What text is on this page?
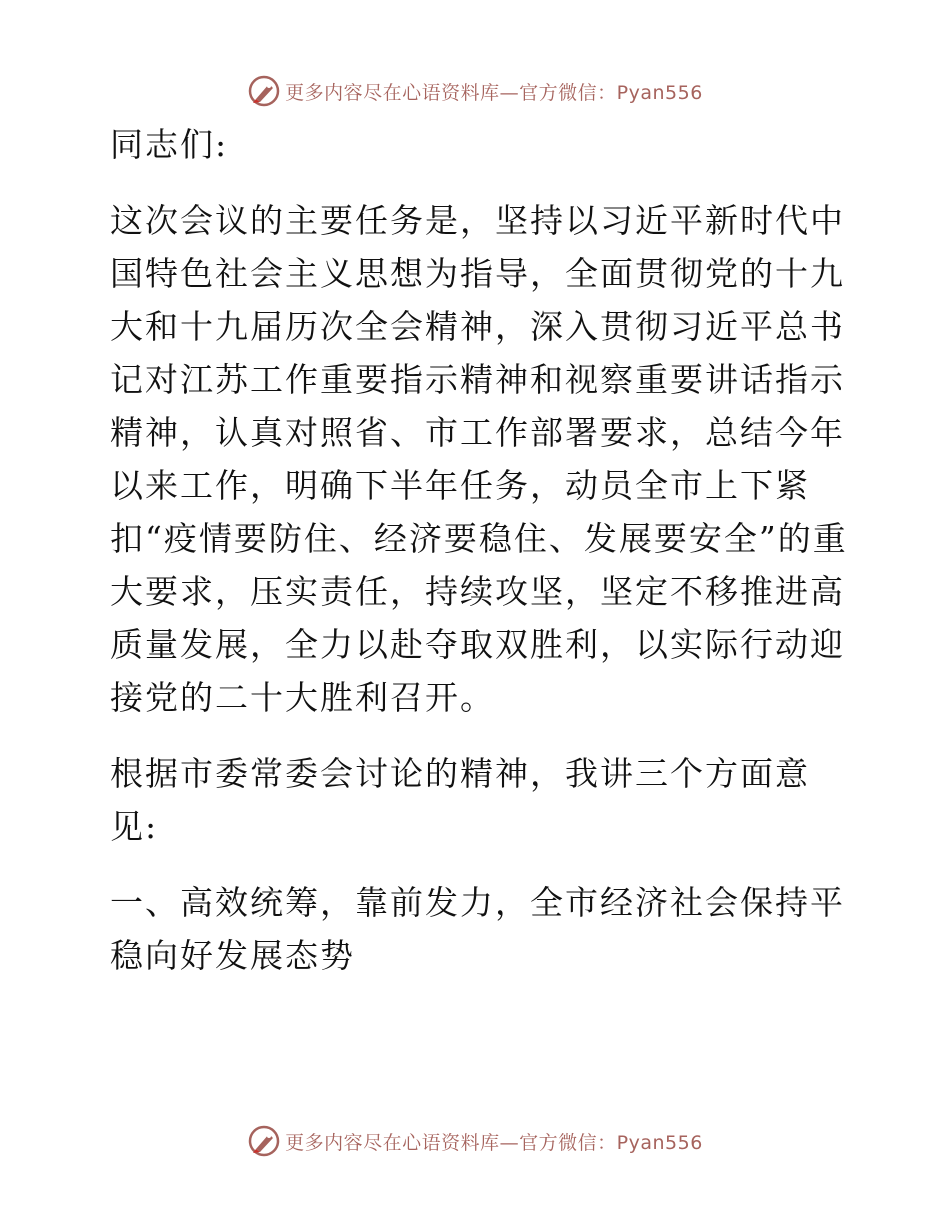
更多内容尽在心语资料库—官方微信：Pyan556

同志们:

这次会议的主要任务是，坚持以习近平新时代中国特色社会主义思想为指导，全面贯彻党的十九大和十九届历次全会精神，深入贯彻习近平总书记对江苏工作重要指示精神和视察重要讲话指示精神，认真对照省、市工作部署要求，总结今年以来工作，明确下半年任务，动员全市上下紧扣“疫情要防住、经济要稳住、发展要安全”的重大要求，压实责任，持续攻坚，坚定不移推进高质量发展，全力以赴夺取双胜利，以实际行动迎接党的二十大胜利召开。

根据市委常委会讨论的精神，我讲三个方面意见:

一、高效统筹，靠前发力，全市经济社会保持平稳向好发展态势

更多内容尽在心语资料库—官方微信：Pyan556
